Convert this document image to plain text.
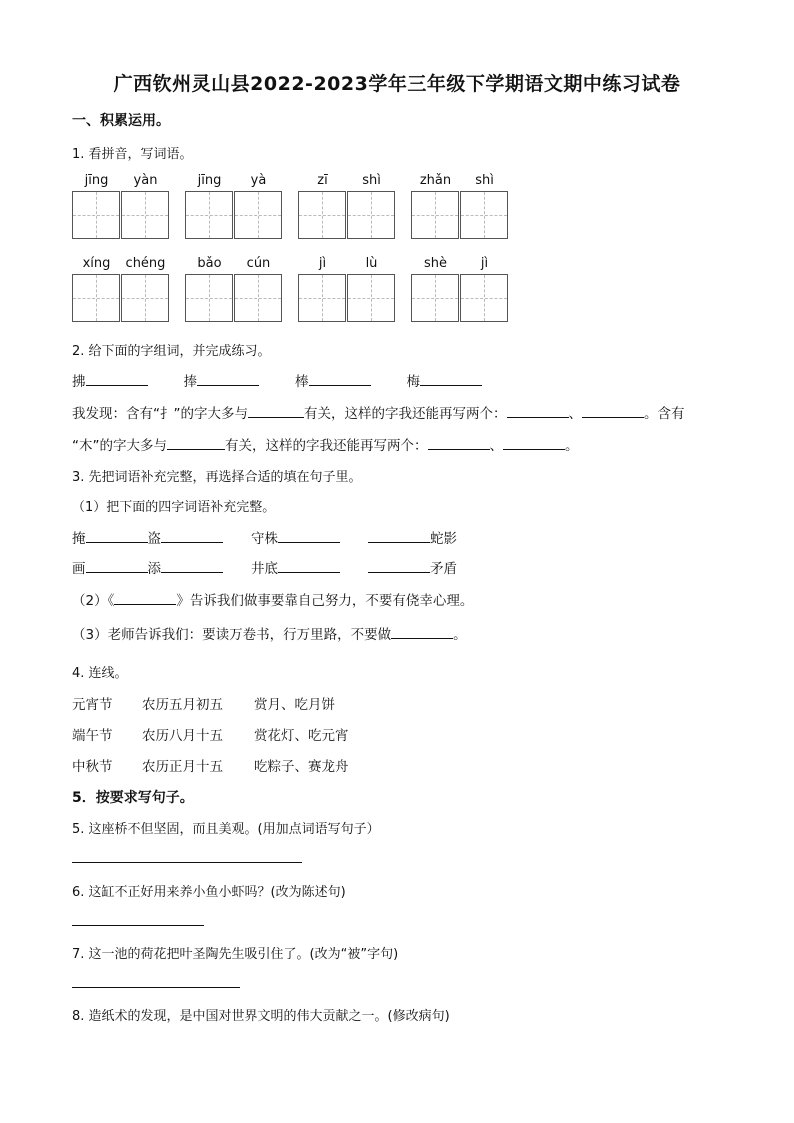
广西钦州灵山县2022-2023学年三年级下学期语文期中练习试卷
一、积累运用。
1. 看拼音，写词语。
jīng	yàn	jīng	yà	zī	shì	zhǎn	shì
xíng	chéng	bǎo	cún	jì	lù	shè	jì
2. 给下面的字组词，并完成练习。
拂	捧	棒	梅
我发现：含有“扌”的字大多与	有关，这样的字我还能再写两个：	、	。含有
“木”的字大多与	有关，这样的字我还能再写两个：	、	。
3. 先把词语补充完整，再选择合适的填在句子里。
（1）把下面的四字词语补充完整。
掩	盗	守株	蛇影
画	添	井底	矛盾
（2）《	》告诉我们做事要靠自己努力，不要有侥幸心理。
（3）老师告诉我们：要读万卷书，行万里路，不要做	。
4. 连线。
元宵节 农历五月初五 赏月、吃月饼
端午节 农历八月十五 赏花灯、吃元宵
中秋节 农历正月十五 吃粽子、赛龙舟
5．按要求写句子。
5. 这座桥不但坚固，而且美观。(用加点词语写句子）
6. 这缸不正好用来养小鱼小虾吗？(改为陈述句)
7. 这一池的荷花把叶圣陶先生吸引住了。(改为“被”字句)
8. 造纸术的发现，是中国对世界文明的伟大贡献之一。(修改病句)
